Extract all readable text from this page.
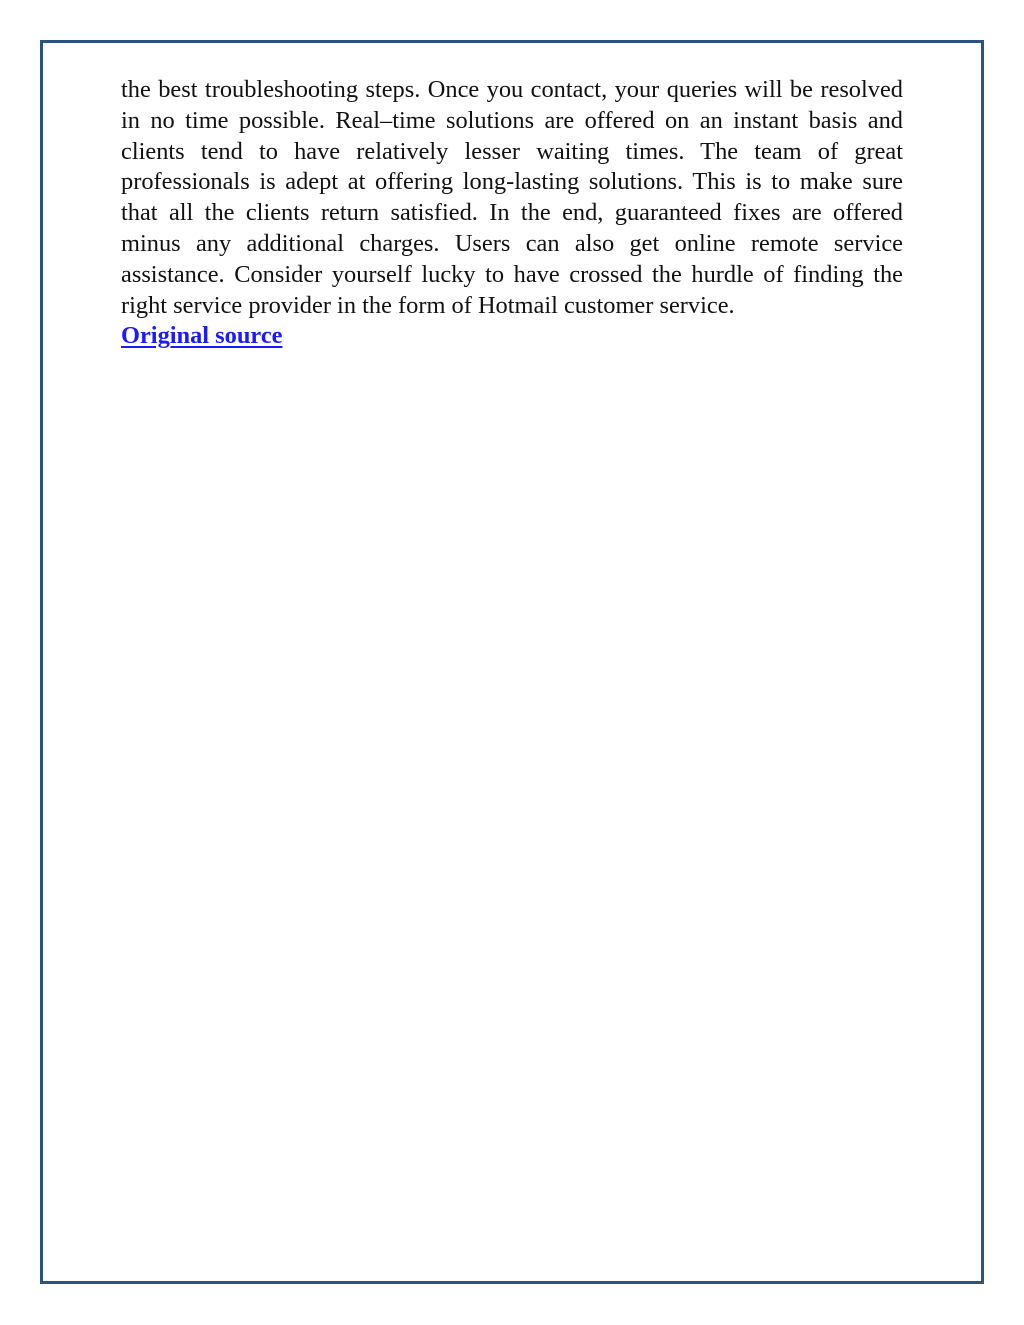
the best troubleshooting steps. Once you contact, your queries will be resolved in no time possible. Real–time solutions are offered on an instant basis and clients tend to have relatively lesser waiting times. The team of great professionals is adept at offering long-lasting solutions. This is to make sure that all the clients return satisfied. In the end, guaranteed fixes are offered minus any additional charges. Users can also get online remote service assistance. Consider yourself lucky to have crossed the hurdle of finding the right service provider in the form of Hotmail customer service.

Original source
